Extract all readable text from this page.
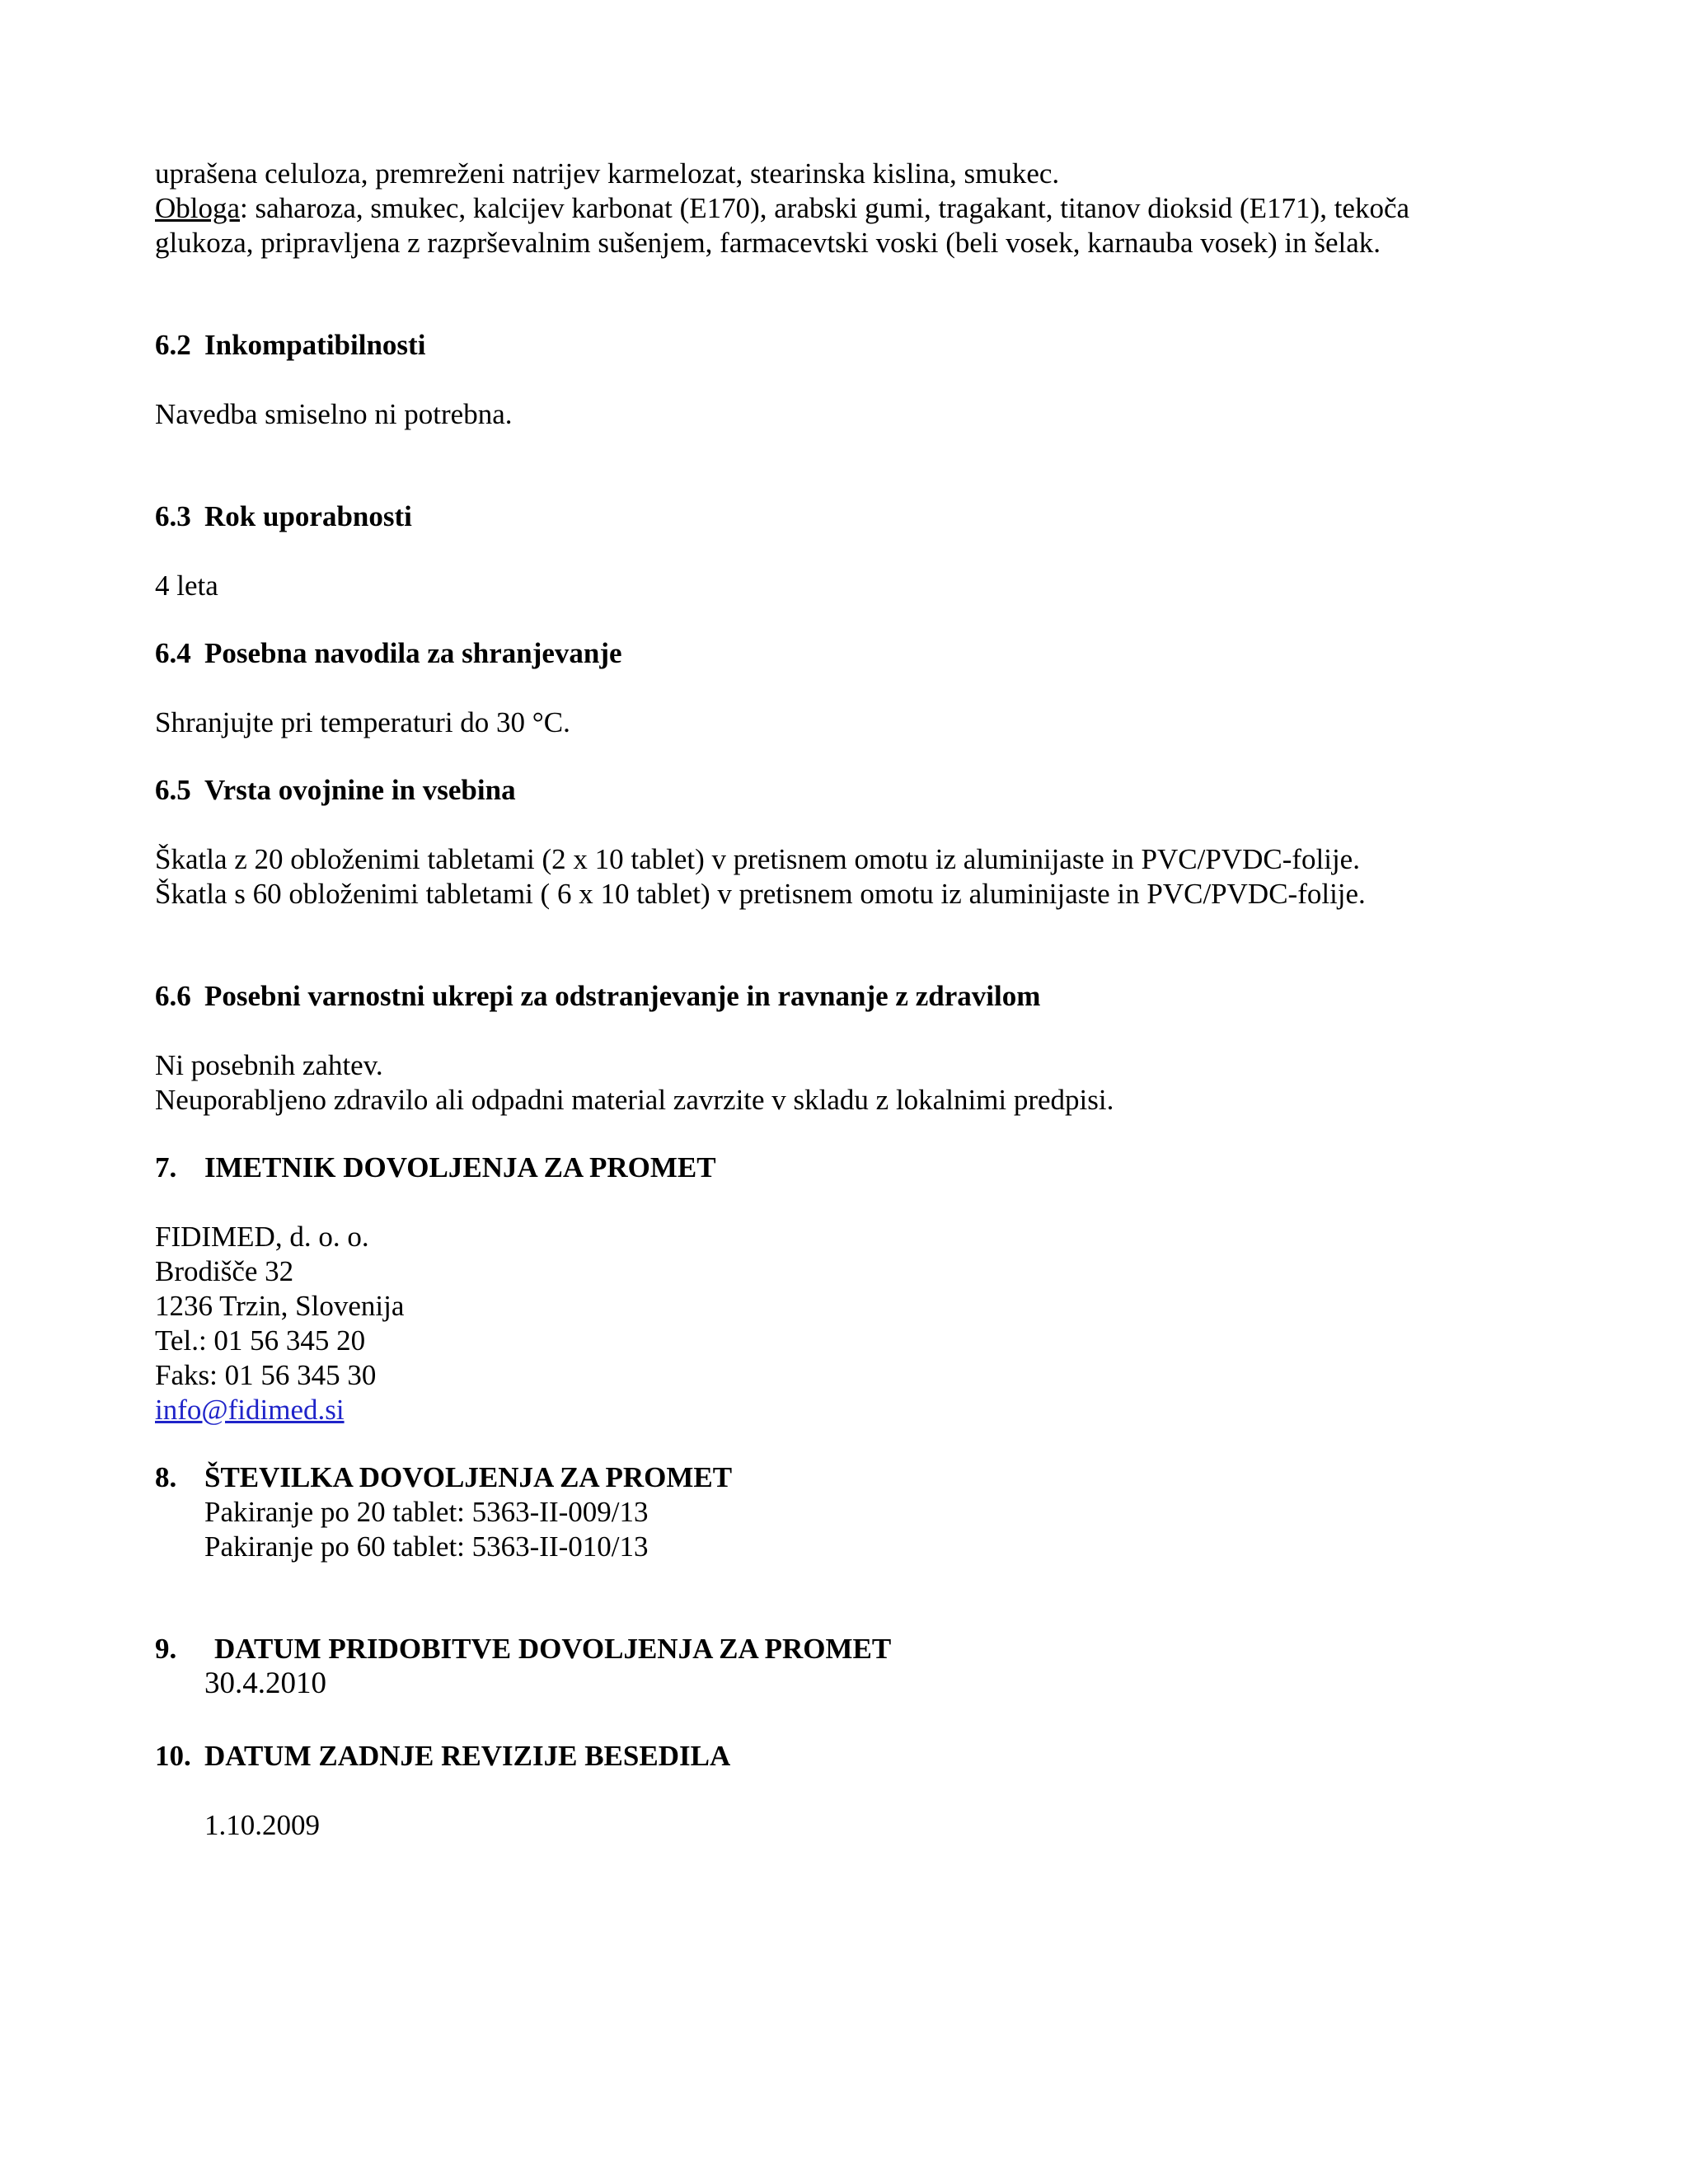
uprašena celuloza, premreženi natrijev karmelozat, stearinska kislina, smukec.
Obloga: saharoza, smukec, kalcijev karbonat (E170), arabski gumi, tragakant, titanov dioksid (E171), tekoča
glukoza, pripravljena z razprševalnim sušenjem, farmacevtski voski (beli vosek, karnauba vosek) in šelak.
6.2 Inkompatibilnosti
Navedba smiselno ni potrebna.
6.3 Rok uporabnosti
4 leta
6.4 Posebna navodila za shranjevanje
Shranjujte pri temperaturi do 30 °C.
6.5 Vrsta ovojnine in vsebina
Škatla z 20 obloženimi tabletami (2 x 10 tablet) v pretisnem omotu iz aluminijaste in PVC/PVDC-folije.
Škatla s 60 obloženimi tabletami ( 6 x 10 tablet) v pretisnem omotu iz aluminijaste in PVC/PVDC-folije.
6.6 Posebni varnostni ukrepi za odstranjevanje in ravnanje z zdravilom
Ni posebnih zahtev.
Neuporabljeno zdravilo ali odpadni material zavrzite v skladu z lokalnimi predpisi.
7. IMETNIK DOVOLJENJA ZA PROMET
FIDIMED, d. o. o.
Brodišče 32
1236 Trzin, Slovenija
Tel.: 01 56 345 20
Faks: 01 56 345 30
info@fidimed.si
8. ŠTEVILKA DOVOLJENJA ZA PROMET
Pakiranje po 20 tablet: 5363-II-009/13
Pakiranje po 60 tablet: 5363-II-010/13
9. DATUM PRIDOBITVE DOVOLJENJA ZA PROMET
30.4.2010
10. DATUM ZADNJE REVIZIJE BESEDILA
1.10.2009
